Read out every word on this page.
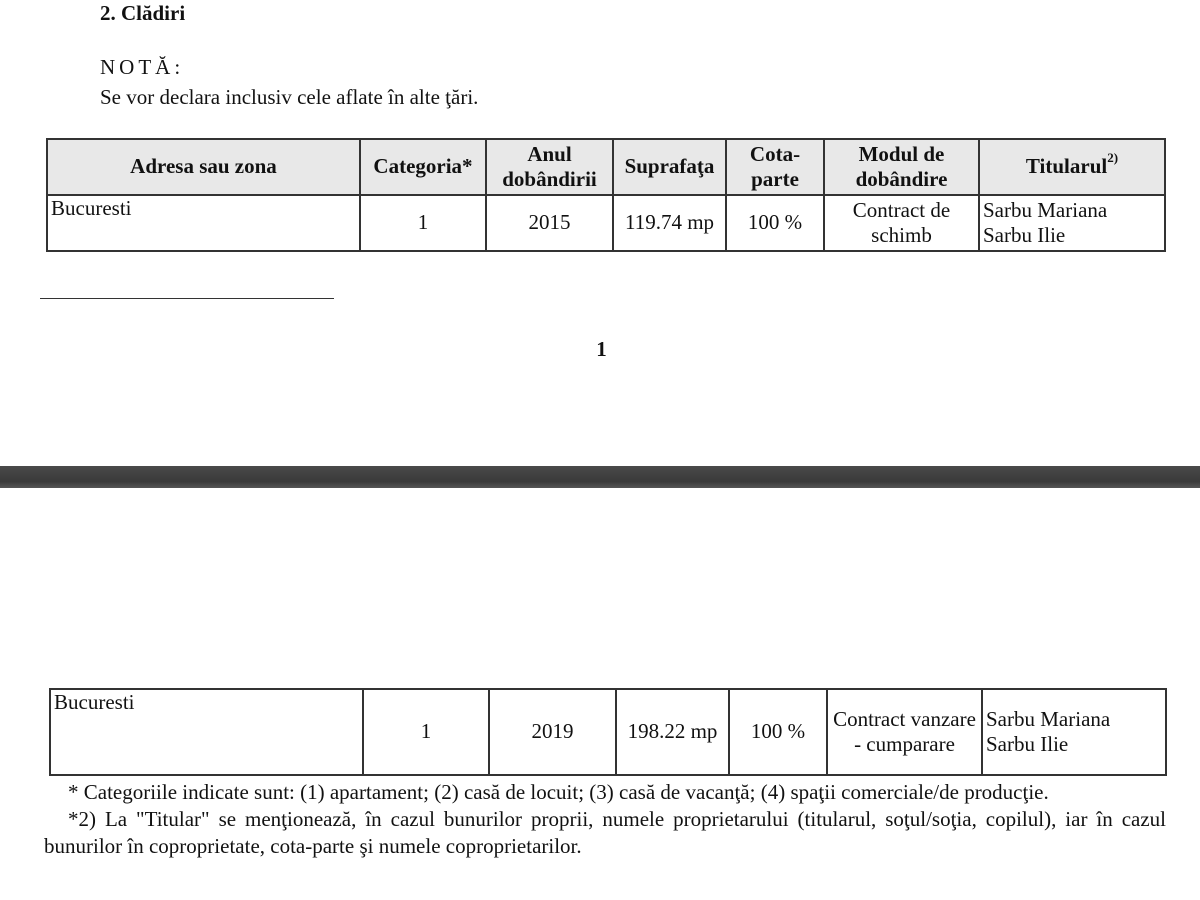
2. Clădiri
NOTĂ:
Se vor declara inclusiv cele aflate în alte ţări.
Adresa sau zona	Categoria*	Anul dobândirii	Suprafaţa	Cota-parte	Modul de dobândire	Titularul$^{2)}$
Bucuresti	1	2015	119.74 mp	100 %	Contract de schimb	Sarbu Mariana
Sarbu Ilie
1
Bucuresti	1	2019	198.22 mp	100 %	Contract vanzare - cumparare	
Sarbu Mariana
Sarbu Ilie

* Categoriile indicate sunt: (1) apartament; (2) casă de locuit; (3) casă de vacanţă; (4) spaţii comerciale/de producţie.

*2) La "Titular" se menţionează, în cazul bunurilor proprii, numele proprietarului (titularul, soţul/soţia, copilul), iar în cazul bunurilor în coproprietate, cota-parte şi numele coproprietarilor.
